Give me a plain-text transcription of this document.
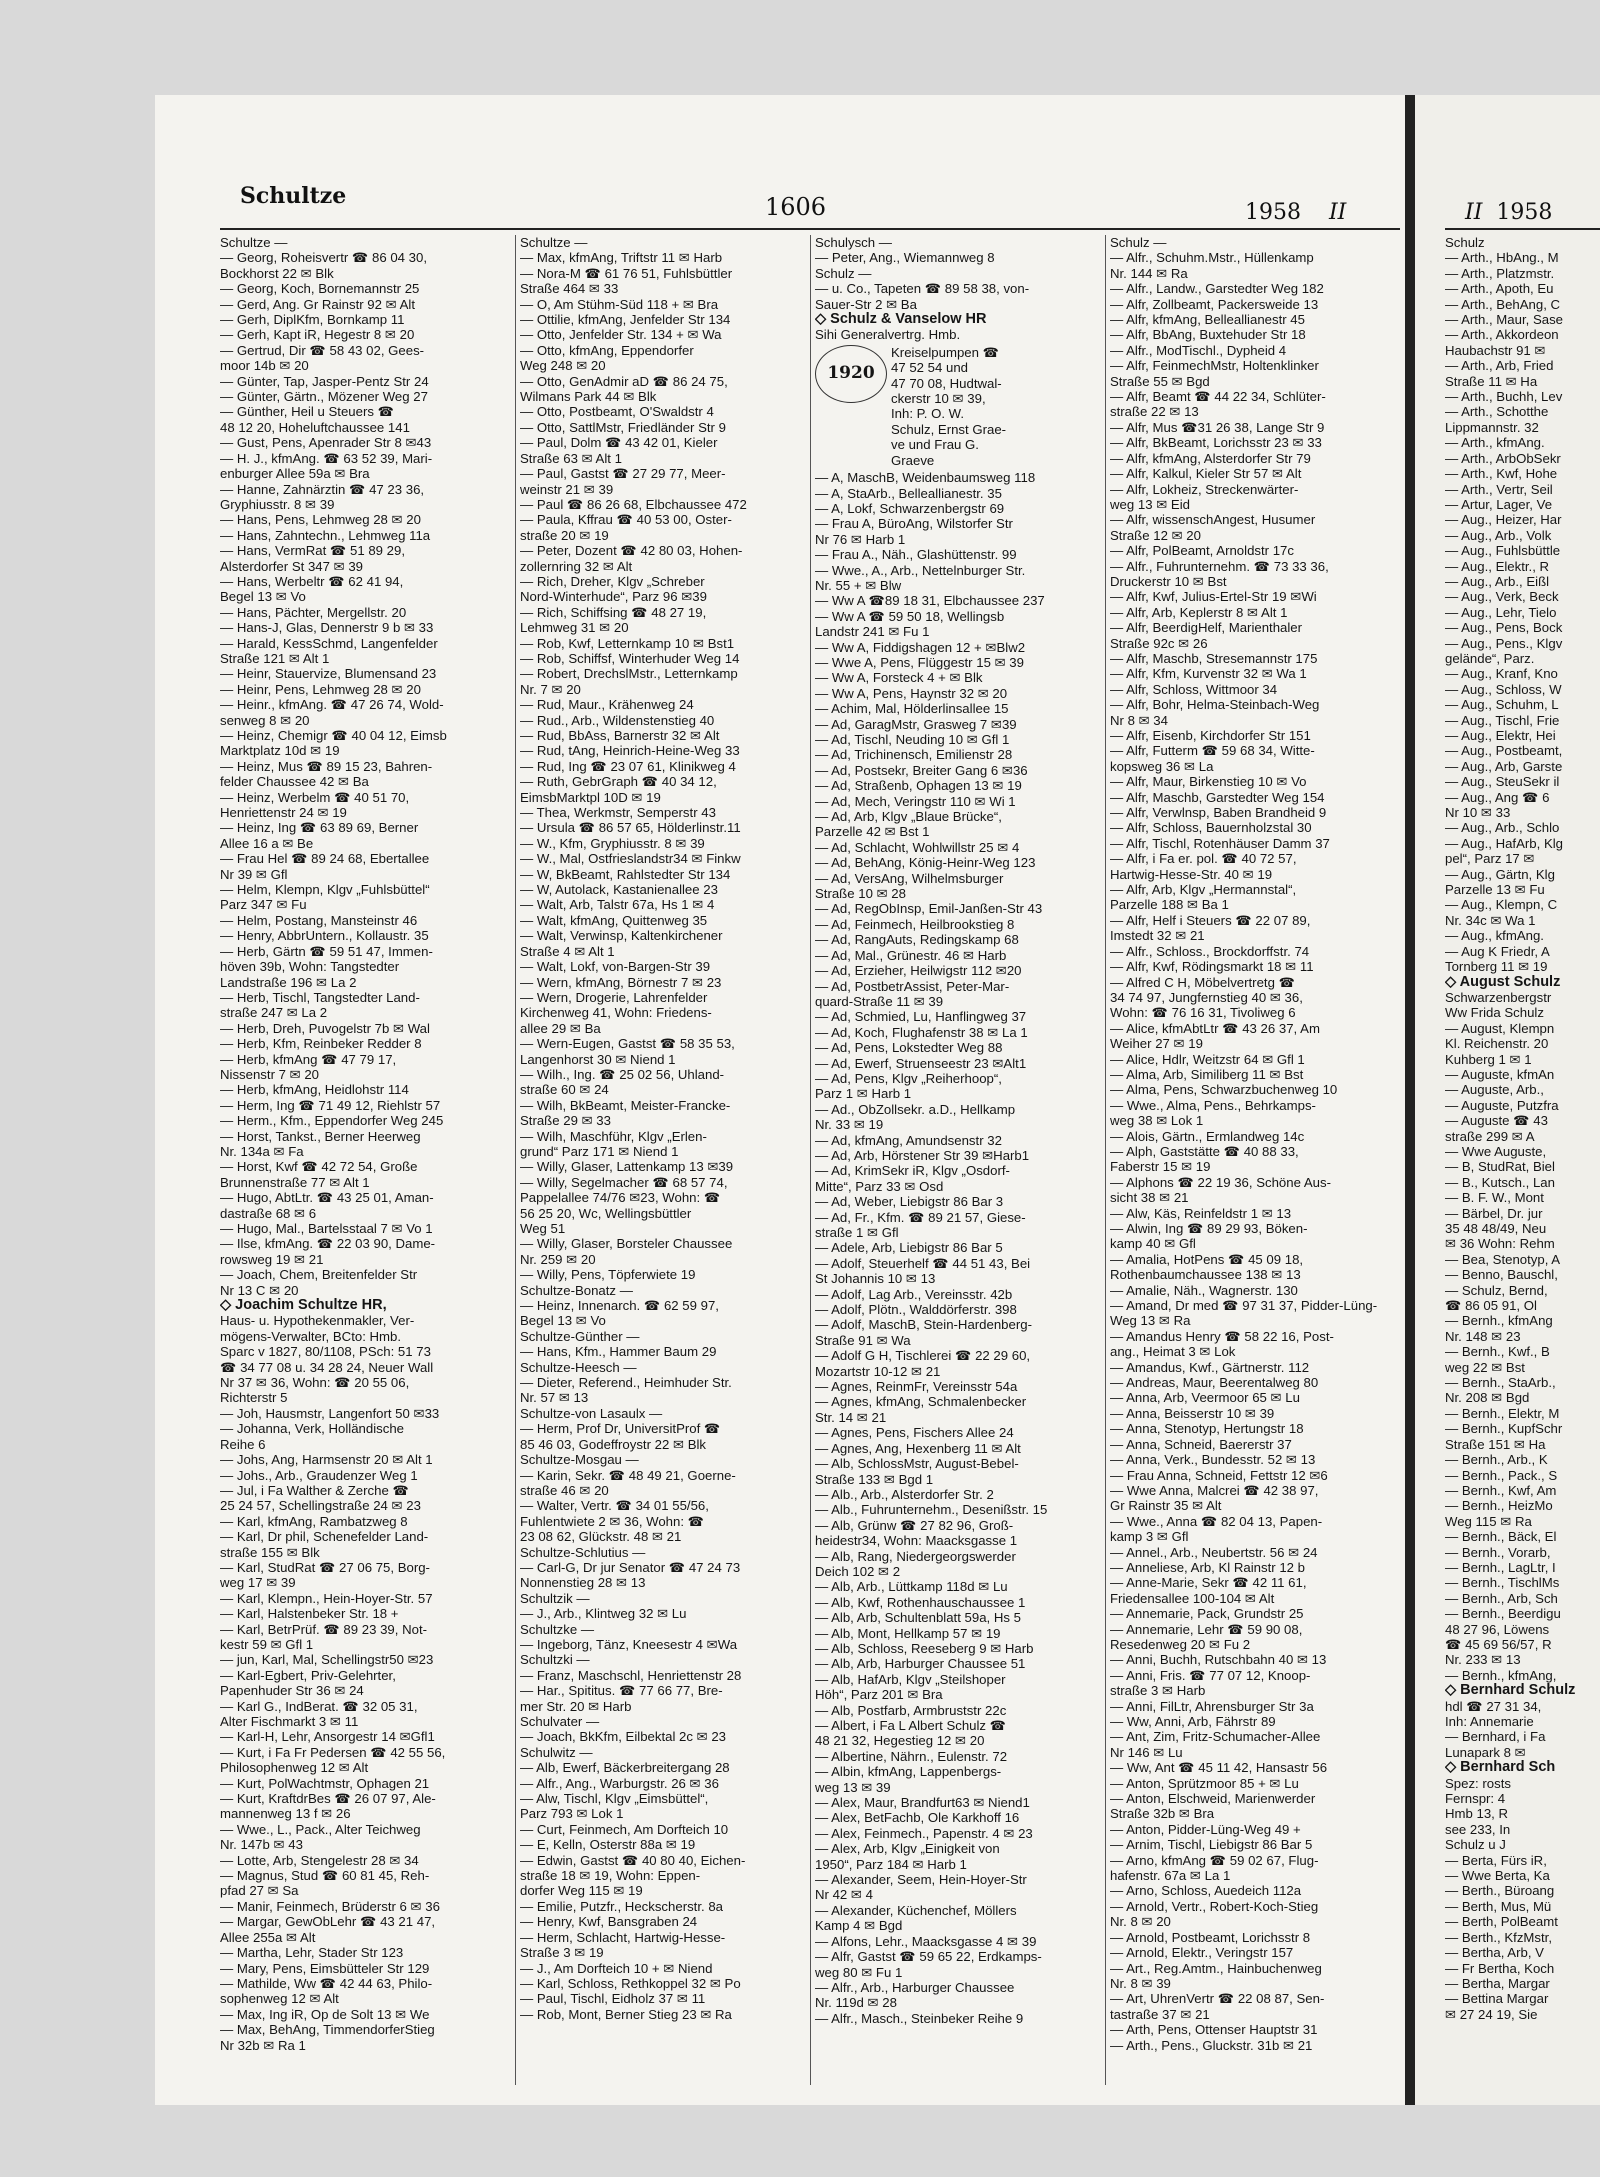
Schultze	1606	1958 II
Schultze —
— Georg, Roheisvertr ☎ 86 04 30,
Bockhorst 22 ✉ Blk
— Georg, Koch, Bornemannstr 25
— Gerd, Ang. Gr Rainstr 92 ✉ Alt
— Gerh, DiplKfm, Bornkamp 11
— Gerh, Kapt iR, Hegestr 8 ✉ 20
— Gertrud, Dir ☎ 58 43 02, Gees-
moor 14b ✉ 20
— Günter, Tap, Jasper-Pentz Str 24
— Günter, Gärtn., Mözener Weg 27
— Günther, Heil u Steuers ☎
48 12 20, Hoheluftchaussee 141
— Gust, Pens, Apenrader Str 8 ✉43
— H. J., kfmAng. ☎ 63 52 39, Mari-
enburger Allee 59a ✉ Bra
— Hanne, Zahnärztin ☎ 47 23 36,
Gryphiusstr. 8 ✉ 39
— Hans, Pens, Lehmweg 28 ✉ 20
— Hans, Zahntechn., Lehmweg 11a
— Hans, VermRat ☎ 51 89 29,
Alsterdorfer St 347 ✉ 39
— Hans, Werbeltr ☎ 62 41 94,
Begel 13 ✉ Vo
— Hans, Pächter, Mergellstr. 20
— Hans-J, Glas, Dennerstr 9 b ✉ 33
— Harald, KessSchmd, Langenfelder
Straße 121 ✉ Alt 1
— Heinr, Stauervize, Blumensand 23
— Heinr, Pens, Lehmweg 28 ✉ 20
— Heinr., kfmAng. ☎ 47 26 74, Wold-
senweg 8 ✉ 20
— Heinz, Chemigr ☎ 40 04 12, Eimsb
Marktplatz 10d ✉ 19
— Heinz, Mus ☎ 89 15 23, Bahren-
felder Chaussee 42 ✉ Ba
— Heinz, Werbelm ☎ 40 51 70,
Henriettenstr 24 ✉ 19
— Heinz, Ing ☎ 63 89 69, Berner
Allee 16 a ✉ Be
— Frau Hel ☎ 89 24 68, Ebertallee
Nr 39 ✉ Gfl
— Helm, Klempn, Klgv „Fuhlsbüttel“
Parz 347 ✉ Fu
— Helm, Postang, Mansteinstr 46
— Henry, AbbrUntern., Kollaustr. 35
— Herb, Gärtn ☎ 59 51 47, Immen-
höven 39b, Wohn: Tangstedter
Landstraße 196 ✉ La 2
— Herb, Tischl, Tangstedter Land-
straße 247 ✉ La 2
— Herb, Dreh, Puvogelstr 7b ✉ Wal
— Herb, Kfm, Reinbeker Redder 8
— Herb, kfmAng ☎ 47 79 17,
Nissenstr 7 ✉ 20
— Herb, kfmAng, Heidlohstr 114
— Herm, Ing ☎ 71 49 12, Riehlstr 57
— Herm., Kfm., Eppendorfer Weg 245
— Horst, Tankst., Berner Heerweg
Nr. 134a ✉ Fa
— Horst, Kwf ☎ 42 72 54, Große
Brunnenstraße 77 ✉ Alt 1
— Hugo, AbtLtr. ☎ 43 25 01, Aman-
dastraße 68 ✉ 6
— Hugo, Mal., Bartelsstaal 7 ✉ Vo 1
— Ilse, kfmAng. ☎ 22 03 90, Dame-
rowsweg 19 ✉ 21
— Joach, Chem, Breitenfelder Str
Nr 13 C ✉ 20
◇ Joachim Schultze HR,
Haus- u. Hypothekenmakler, Ver-
mögens-Verwalter, BCto: Hmb.
Sparc v 1827, 80/1108, PSch: 51 73
☎ 34 77 08 u. 34 28 24, Neuer Wall
Nr 37 ✉ 36, Wohn: ☎ 20 55 06,
Richterstr 5
— Joh, Hausmstr, Langenfort 50 ✉33
— Johanna, Verk, Holländische
Reihe 6
— Johs, Ang, Harmsenstr 20 ✉ Alt 1
— Johs., Arb., Graudenzer Weg 1
— Jul, i Fa Walther & Zerche ☎
25 24 57, Schellingstraße 24 ✉ 23
— Karl, kfmAng, Rambatzweg 8
— Karl, Dr phil, Schenefelder Land-
straße 155 ✉ Blk
— Karl, StudRat ☎ 27 06 75, Borg-
weg 17 ✉ 39
— Karl, Klempn., Hein-Hoyer-Str. 57
— Karl, Halstenbeker Str. 18 +
— Karl, BetrPrüf. ☎ 89 23 39, Not-
kestr 59 ✉ Gfl 1
— jun, Karl, Mal, Schellingstr50 ✉23
— Karl-Egbert, Priv-Gelehrter,
Papenhuder Str 36 ✉ 24
— Karl G., IndBerat. ☎ 32 05 31,
Alter Fischmarkt 3 ✉ 11
— Karl-H, Lehr, Ansorgestr 14 ✉Gfl1
— Kurt, i Fa Fr Pedersen ☎ 42 55 56,
Philosophenweg 12 ✉ Alt
— Kurt, PolWachtmstr, Ophagen 21
— Kurt, KraftdrBes ☎ 26 07 97, Ale-
mannenweg 13 f ✉ 26
— Wwe., L., Pack., Alter Teichweg
Nr. 147b ✉ 43
— Lotte, Arb, Stengelestr 28 ✉ 34
— Magnus, Stud ☎ 60 81 45, Reh-
pfad 27 ✉ Sa
— Manir, Feinmech, Brüderstr 6 ✉ 36
— Margar, GewObLehr ☎ 43 21 47,
Allee 255a ✉ Alt
— Martha, Lehr, Stader Str 123
— Mary, Pens, Eimsbütteler Str 129
— Mathilde, Ww ☎ 42 44 63, Philo-
sophenweg 12 ✉ Alt
— Max, Ing iR, Op de Solt 13 ✉ We
— Max, BehAng, TimmendorferStieg
Nr 32b ✉ Ra 1
Schultze —
— Max, kfmAng, Triftstr 11 ✉ Harb
— Nora-M ☎ 61 76 51, Fuhlsbüttler
Straße 464 ✉ 33
— O, Am Stühm-Süd 118 + ✉ Bra
— Ottilie, kfmAng, Jenfelder Str 134
— Otto, Jenfelder Str. 134 + ✉ Wa
— Otto, kfmAng, Eppendorfer
Weg 248 ✉ 20
— Otto, GenAdmir aD ☎ 86 24 75,
Wilmans Park 44 ✉ Blk
— Otto, Postbeamt, O'Swaldstr 4
— Otto, SattlMstr, Friedländer Str 9
— Paul, Dolm ☎ 43 42 01, Kieler
Straße 63 ✉ Alt 1
— Paul, Gastst ☎ 27 29 77, Meer-
weinstr 21 ✉ 39
— Paul ☎ 86 26 68, Elbchaussee 472
— Paula, Kffrau ☎ 40 53 00, Oster-
straße 20 ✉ 19
— Peter, Dozent ☎ 42 80 03, Hohen-
zollernring 32 ✉ Alt
— Rich, Dreher, Klgv „Schreber
Nord-Winterhude“, Parz 96 ✉39
— Rich, Schiffsing ☎ 48 27 19,
Lehmweg 31 ✉ 20
— Rob, Kwf, Letternkamp 10 ✉ Bst1
— Rob, Schiffsf, Winterhuder Weg 14
— Robert, DrechslMstr., Letternkamp
Nr. 7 ✉ 20
— Rud, Maur., Krähenweg 24
— Rud., Arb., Wildenstenstieg 40
— Rud, BbAss, Barnerstr 32 ✉ Alt
— Rud, tAng, Heinrich-Heine-Weg 33
— Rud, Ing ☎ 23 07 61, Klinikweg 4
— Ruth, GebrGraph ☎ 40 34 12,
EimsbMarktpl 10D ✉ 19
— Thea, Werkmstr, Semperstr 43
— Ursula ☎ 86 57 65, Hölderlinstr.11
— W., Kfm, Gryphiusstr. 8 ✉ 39
— W., Mal, Ostfrieslandstr34 ✉ Finkw
— W, BkBeamt, Rahlstedter Str 134
— W, Autolack, Kastanienallee 23
— Walt, Arb, Talstr 67a, Hs 1 ✉ 4
— Walt, kfmAng, Quittenweg 35
— Walt, Verwinsp, Kaltenkirchener
Straße 4 ✉ Alt 1
— Walt, Lokf, von-Bargen-Str 39
— Wern, kfmAng, Börnestr 7 ✉ 23
— Wern, Drogerie, Lahrenfelder
Kirchenweg 41, Wohn: Friedens-
allee 29 ✉ Ba
— Wern-Eugen, Gastst ☎ 58 35 53,
Langenhorst 30 ✉ Niend 1
— Wilh., Ing. ☎ 25 02 56, Uhland-
straße 60 ✉ 24
— Wilh, BkBeamt, Meister-Francke-
Straße 29 ✉ 33
— Wilh, Maschführ, Klgv „Erlen-
grund“ Parz 171 ✉ Niend 1
— Willy, Glaser, Lattenkamp 13 ✉39
— Willy, Segelmacher ☎ 68 57 74,
Pappelallee 74/76 ✉23, Wohn: ☎
56 25 20, Wc, Wellingsbüttler
Weg 51
— Willy, Glaser, Borsteler Chaussee
Nr. 259 ✉ 20
— Willy, Pens, Töpferwiete 19
Schultze-Bonatz —
— Heinz, Innenarch. ☎ 62 59 97,
Begel 13 ✉ Vo
Schultze-Günther —
— Hans, Kfm., Hammer Baum 29
Schultze-Heesch —
— Dieter, Referend., Heimhuder Str.
Nr. 57 ✉ 13
Schultze-von Lasaulx —
— Herm, Prof Dr, UniversitProf ☎
85 46 03, Godeffroystr 22 ✉ Blk
Schultze-Mosgau —
— Karin, Sekr. ☎ 48 49 21, Goerne-
straße 46 ✉ 20
— Walter, Vertr. ☎ 34 01 55/56,
Fuhlentwiete 2 ✉ 36, Wohn: ☎
23 08 62, Glückstr. 48 ✉ 21
Schultze-Schlutius —
— Carl-G, Dr jur Senator ☎ 47 24 73
Nonnenstieg 28 ✉ 13
Schultzik —
— J., Arb., Klintweg 32 ✉ Lu
Schultzke —
— Ingeborg, Tänz, Kneesestr 4 ✉Wa
Schultzki —
— Franz, Maschschl, Henriettenstr 28
— Har., Spititus. ☎ 77 66 77, Bre-
mer Str. 20 ✉ Harb
Schulvater —
— Joach, BkKfm, Eilbektal 2c ✉ 23
Schulwitz —
— Alb, Ewerf, Bäckerbreitergang 28
— Alfr., Ang., Warburgstr. 26 ✉ 36
— Alw, Tischl, Klgv „Eimsbüttel“,
Parz 793 ✉ Lok 1
— Curt, Feinmech, Am Dorfteich 10
— E, Kelln, Osterstr 88a ✉ 19
— Edwin, Gastst ☎ 40 80 40, Eichen-
straße 18 ✉ 19, Wohn: Eppen-
dorfer Weg 115 ✉ 19
— Emilie, Putzfr., Heckscherstr. 8a
— Henry, Kwf, Bansgraben 24
— Herm, Schlacht, Hartwig-Hesse-
Straße 3 ✉ 19
— J., Am Dorfteich 10 + ✉ Niend
— Karl, Schloss, Rethkoppel 32 ✉ Po
— Paul, Tischl, Eidholz 37 ✉ 11
— Rob, Mont, Berner Stieg 23 ✉ Ra
Schulysch —
— Peter, Ang., Wiemannweg 8
Schulz —
— u. Co., Tapeten ☎ 89 58 38, von-
Sauer-Str 2 ✉ Ba
◇ Schulz & Vanselow HR
Sihi Generalvertrg. Hmb.
1920
Kreiselpumpen ☎
47 52 54 und
47 70 08, Hudtwal-
ckerstr 10 ✉ 39,
Inh: P. O. W.
Schulz, Ernst Grae-
ve und Frau G.
Graeve
— A, MaschB, Weidenbaumsweg 118
— A, StaArb., Belleallianestr. 35
— A, Lokf, Schwarzenbergstr 69
— Frau A, BüroAng, Wilstorfer Str
Nr 76 ✉ Harb 1
— Frau A., Näh., Glashüttenstr. 99
— Wwe., A., Arb., Nettelnburger Str.
Nr. 55 + ✉ Blw
— Ww A ☎89 18 31, Elbchaussee 237
— Ww A ☎ 59 50 18, Wellingsb
Landstr 241 ✉ Fu 1
— Ww A, Fiddigshagen 12 + ✉Blw2
— Wwe A, Pens, Flüggestr 15 ✉ 39
— Ww A, Forsteck 4 + ✉ Blk
— Ww A, Pens, Haynstr 32 ✉ 20
— Achim, Mal, Hölderlinsallee 15
— Ad, GaragMstr, Grasweg 7 ✉39
— Ad, Tischl, Neuding 10 ✉ Gfl 1
— Ad, Trichinensch, Emilienstr 28
— Ad, Postsekr, Breiter Gang 6 ✉36
— Ad, Straßenb, Ophagen 13 ✉ 19
— Ad, Mech, Veringstr 110 ✉ Wi 1
— Ad, Arb, Klgv „Blaue Brücke“,
Parzelle 42 ✉ Bst 1
— Ad, Schlacht, Wohlwillstr 25 ✉ 4
— Ad, BehAng, König-Heinr-Weg 123
— Ad, VersAng, Wilhelmsburger
Straße 10 ✉ 28
— Ad, RegObInsp, Emil-Janßen-Str 43
— Ad, Feinmech, Heilbrookstieg 8
— Ad, RangAuts, Redingskamp 68
— Ad, Mal., Grünestr. 46 ✉ Harb
— Ad, Erzieher, Heilwigstr 112 ✉20
— Ad, PostbetrAssist, Peter-Mar-
quard-Straße 11 ✉ 39
— Ad, Schmied, Lu, Hanflingweg 37
— Ad, Koch, Flughafenstr 38 ✉ La 1
— Ad, Pens, Lokstedter Weg 88
— Ad, Ewerf, Struenseestr 23 ✉Alt1
— Ad, Pens, Klgv „Reiherhoop“,
Parz 1 ✉ Harb 1
— Ad., ObZollsekr. a.D., Hellkamp
Nr. 33 ✉ 19
— Ad, kfmAng, Amundsenstr 32
— Ad, Arb, Hörstener Str 39 ✉Harb1
— Ad, KrimSekr iR, Klgv „Osdorf-
Mitte“, Parz 33 ✉ Osd
— Ad, Weber, Liebigstr 86 Bar 3
— Ad, Fr., Kfm. ☎ 89 21 57, Giese-
straße 1 ✉ Gfl
— Adele, Arb, Liebigstr 86 Bar 5
— Adolf, Steuerhelf ☎ 44 51 43, Bei
St Johannis 10 ✉ 13
— Adolf, Lag Arb., Vereinsstr. 42b
— Adolf, Plötn., Walddörferstr. 398
— Adolf, MaschB, Stein-Hardenberg-
Straße 91 ✉ Wa
— Adolf G H, Tischlerei ☎ 22 29 60,
Mozartstr 10-12 ✉ 21
— Agnes, ReinmFr, Vereinsstr 54a
— Agnes, kfmAng, Schmalenbecker
Str. 14 ✉ 21
— Agnes, Pens, Fischers Allee 24
— Agnes, Ang, Hexenberg 11 ✉ Alt
— Alb, SchlossMstr, August-Bebel-
Straße 133 ✉ Bgd 1
— Alb., Arb., Alsterdorfer Str. 2
— Alb., Fuhrunternehm., Desenißstr. 15
— Alb, Grünw ☎ 27 82 96, Groß-
heidestr34, Wohn: Maacksgasse 1
— Alb, Rang, Niedergeorgswerder
Deich 102 ✉ 2
— Alb, Arb., Lüttkamp 118d ✉ Lu
— Alb, Kwf, Rothenhauschaussee 1
— Alb, Arb, Schultenblatt 59a, Hs 5
— Alb, Mont, Hellkamp 57 ✉ 19
— Alb, Schloss, Reeseberg 9 ✉ Harb
— Alb, Arb, Harburger Chaussee 51
— Alb, HafArb, Klgv „Steilshoper
Höh“, Parz 201 ✉ Bra
— Alb, Postfarb, Armbruststr 22c
— Albert, i Fa L Albert Schulz ☎
48 21 32, Hegestieg 12 ✉ 20
— Albertine, Nährn., Eulenstr. 72
— Albin, kfmAng, Lappenbergs-
weg 13 ✉ 39
— Alex, Maur, Brandfurt63 ✉ Niend1
— Alex, BetFachb, Ole Karkhoff 16
— Alex, Feinmech., Papenstr. 4 ✉ 23
— Alex, Arb, Klgv „Einigkeit von
1950“, Parz 184 ✉ Harb 1
— Alexander, Seem, Hein-Hoyer-Str
Nr 42 ✉ 4
— Alexander, Küchenchef, Möllers
Kamp 4 ✉ Bgd
— Alfons, Lehr., Maacksgasse 4 ✉ 39
— Alfr, Gastst ☎ 59 65 22, Erdkamps-
weg 80 ✉ Fu 1
— Alfr., Arb., Harburger Chaussee
Nr. 119d ✉ 28
— Alfr., Masch., Steinbeker Reihe 9
Schulz —
— Alfr., Schuhm.Mstr., Hüllenkamp
Nr. 144 ✉ Ra
— Alfr., Landw., Garstedter Weg 182
— Alfr, Zollbeamt, Packersweide 13
— Alfr, kfmAng, Belleallianestr 45
— Alfr, BbAng, Buxtehuder Str 18
— Alfr., ModTischl., Dypheid 4
— Alfr, FeinmechMstr, Holtenklinker
Straße 55 ✉ Bgd
— Alfr, Beamt ☎ 44 22 34, Schlüter-
straße 22 ✉ 13
— Alfr, Mus ☎31 26 38, Lange Str 9
— Alfr, BkBeamt, Lorichsstr 23 ✉ 33
— Alfr, kfmAng, Alsterdorfer Str 79
— Alfr, Kalkul, Kieler Str 57 ✉ Alt
— Alfr, Lokheiz, Streckenwärter-
weg 13 ✉ Eid
— Alfr, wissenschAngest, Husumer
Straße 12 ✉ 20
— Alfr, PolBeamt, Arnoldstr 17c
— Alfr., Fuhrunternehm. ☎ 73 33 36,
Druckerstr 10 ✉ Bst
— Alfr, Kwf, Julius-Ertel-Str 19 ✉Wi
— Alfr, Arb, Keplerstr 8 ✉ Alt 1
— Alfr, BeerdigHelf, Marienthaler
Straße 92c ✉ 26
— Alfr, Maschb, Stresemannstr 175
— Alfr, Kfm, Kurvenstr 32 ✉ Wa 1
— Alfr, Schloss, Wittmoor 34
— Alfr, Bohr, Helma-Steinbach-Weg
Nr 8 ✉ 34
— Alfr, Eisenb, Kirchdorfer Str 151
— Alfr, Futterm ☎ 59 68 34, Witte-
kopsweg 36 ✉ La
— Alfr, Maur, Birkenstieg 10 ✉ Vo
— Alfr, Maschb, Garstedter Weg 154
— Alfr, Verwlnsp, Baben Brandheid 9
— Alfr, Schloss, Bauernholzstal 30
— Alfr, Tischl, Rotenhäuser Damm 37
— Alfr, i Fa er. pol. ☎ 40 72 57,
Hartwig-Hesse-Str. 40 ✉ 19
— Alfr, Arb, Klgv „Hermannstal“,
Parzelle 188 ✉ Ba 1
— Alfr, Helf i Steuers ☎ 22 07 89,
Imstedt 32 ✉ 21
— Alfr., Schloss., Brockdorffstr. 74
— Alfr, Kwf, Rödingsmarkt 18 ✉ 11
— Alfred C H, Möbelvertretg ☎
34 74 97, Jungfernstieg 40 ✉ 36,
Wohn: ☎ 76 16 31, Tivoliweg 6
— Alice, kfmAbtLtr ☎ 43 26 37, Am
Weiher 27 ✉ 19
— Alice, Hdlr, Weitzstr 64 ✉ Gfl 1
— Alma, Arb, Similiberg 11 ✉ Bst
— Alma, Pens, Schwarzbuchenweg 10
— Wwe., Alma, Pens., Behrkamps-
weg 38 ✉ Lok 1
— Alois, Gärtn., Ermlandweg 14c
— Alph, Gaststätte ☎ 40 88 33,
Faberstr 15 ✉ 19
— Alphons ☎ 22 19 36, Schöne Aus-
sicht 38 ✉ 21
— Alw, Käs, Reinfeldstr 1 ✉ 13
— Alwin, Ing ☎ 89 29 93, Böken-
kamp 40 ✉ Gfl
— Amalia, HotPens ☎ 45 09 18,
Rothenbaumchaussee 138 ✉ 13
— Amalie, Näh., Wagnerstr. 130
— Amand, Dr med ☎ 97 31 37, Pidder-Lüng-
Weg 13 ✉ Ra
— Amandus Henry ☎ 58 22 16, Post-
ang., Heimat 3 ✉ Lok
— Amandus, Kwf., Gärtnerstr. 112
— Andreas, Maur, Beerentalweg 80
— Anna, Arb, Veermoor 65 ✉ Lu
— Anna, Beisserstr 10 ✉ 39
— Anna, Stenotyp, Hertungstr 18
— Anna, Schneid, Baererstr 37
— Anna, Verk., Bundesstr. 52 ✉ 13
— Frau Anna, Schneid, Fettstr 12 ✉6
— Wwe Anna, Malcrei ☎ 42 38 97,
Gr Rainstr 35 ✉ Alt
— Wwe., Anna ☎ 82 04 13, Papen-
kamp 3 ✉ Gfl
— Annel., Arb., Neubertstr. 56 ✉ 24
— Anneliese, Arb, Kl Rainstr 12 b
— Anne-Marie, Sekr ☎ 42 11 61,
Friedensallee 100-104 ✉ Alt
— Annemarie, Pack, Grundstr 25
— Annemarie, Lehr ☎ 59 90 08,
Resedenweg 20 ✉ Fu 2
— Anni, Buchh, Rutschbahn 40 ✉ 13
— Anni, Fris. ☎ 77 07 12, Knoop-
straße 3 ✉ Harb
— Anni, FilLtr, Ahrensburger Str 3a
— Ww, Anni, Arb, Fährstr 89
— Ant, Zim, Fritz-Schumacher-Allee
Nr 146 ✉ Lu
— Ww, Ant ☎ 45 11 42, Hansastr 56
— Anton, Sprützmoor 85 + ✉ Lu
— Anton, Elschweid, Marienwerder
Straße 32b ✉ Bra
— Anton, Pidder-Lüng-Weg 49 +
— Arnim, Tischl, Liebigstr 86 Bar 5
— Arno, kfmAng ☎ 59 02 67, Flug-
hafenstr. 67a ✉ La 1
— Arno, Schloss, Auedeich 112a
— Arnold, Vertr., Robert-Koch-Stieg
Nr. 8 ✉ 20
— Arnold, Postbeamt, Lorichsstr 8
— Arnold, Elektr., Veringstr 157
— Art., Reg.Amtm., Hainbuchenweg
Nr. 8 ✉ 39
— Art, UhrenVertr ☎ 22 08 87, Sen-
tastraße 37 ✉ 21
— Arth, Pens, Ottenser Hauptstr 31
— Arth., Pens., Gluckstr. 31b ✉ 21
II 1958
Schulz
— Arth., HbAng., M
— Arth., Platzmstr.
— Arth., Apoth, Eu
— Arth., BehAng, C
— Arth., Maur, Sase
— Arth., Akkordeon
Haubachstr 91 ✉
— Arth., Arb, Fried
Straße 11 ✉ Ha
— Arth., Buchh, Lev
— Arth., Schotthe
Lippmannstr. 32
— Arth., kfmAng.
— Arth., ArbObSekr
— Arth., Kwf, Hohe
— Arth., Vertr, Seil
— Artur, Lager, Ve
— Aug., Heizer, Har
— Aug., Arb., Volk
— Aug., Fuhlsbüttle
— Aug., Elektr., R
— Aug., Arb., Eißl
— Aug., Verk, Beck
— Aug., Lehr, Tielo
— Aug., Pens, Bock
— Aug., Pens., Klgv
gelände“, Parz.
— Aug., Kranf, Kno
— Aug., Schloss, W
— Aug., Schuhm, L
— Aug., Tischl, Frie
— Aug., Elektr, Hei
— Aug., Postbeamt,
— Aug., Arb, Garste
— Aug., SteuSekr il
— Aug., Ang ☎ 6
Nr 10 ✉ 33
— Aug., Arb., Schlo
— Aug., HafArb, Klg
pel“, Parz 17 ✉
— Aug., Gärtn, Klg
Parzelle 13 ✉ Fu
— Aug., Klempn, C
Nr. 34c ✉ Wa 1
— Aug., kfmAng.
— Aug K Friedr, A
Tornberg 11 ✉ 19
◇ August Schulz
Schwarzenbergstr
Ww Frida Schulz
— August, Klempn
Kl. Reichenstr. 20
Kuhberg 1 ✉ 1
— Auguste, kfmAn
— Auguste, Arb.,
— Auguste, Putzfra
— Auguste ☎ 43
straße 299 ✉ A
— Wwe Auguste,
— B, StudRat, Biel
— B., Kutsch., Lan
— B. F. W., Mont
— Bärbel, Dr. jur
35 48 48/49, Neu
✉ 36 Wohn: Rehm
— Bea, Stenotyp, A
— Benno, Bauschl,
— Schulz, Bernd,
☎ 86 05 91, Ol
— Bernh., kfmAng
Nr. 148 ✉ 23
— Bernh., Kwf., B
weg 22 ✉ Bst
— Bernh., StaArb.,
Nr. 208 ✉ Bgd
— Bernh., Elektr, M
— Bernh., KupfSchr
Straße 151 ✉ Ha
— Bernh., Arb., K
— Bernh., Pack., S
— Bernh., Kwf, Am
— Bernh., HeizMo
Weg 115 ✉ Ra
— Bernh., Bäck, El
— Bernh., Vorarb,
— Bernh., LagLtr, I
— Bernh., TischlMs
— Bernh., Arb, Sch
— Bernh., Beerdigu
48 27 96, Löwens
☎ 45 69 56/57, R
Nr. 233 ✉ 13
— Bernh., kfmAng,
◇ Bernhard Schulz
hdl ☎ 27 31 34,
Inh: Annemarie
— Bernhard, i Fa
Lunapark 8 ✉
◇ Bernhard Sch
Spez: rosts
Fernspr: 4
Hmb 13, R
see 233, In
Schulz u J
— Berta, Fürs iR,
— Wwe Berta, Ka
— Berth., Büroang
— Berth, Mus, Mü
— Berth, PolBeamt
— Berth., KfzMstr,
— Bertha, Arb, V
— Fr Bertha, Koch
— Bertha, Margar
— Bettina Margar
✉ 27 24 19, Sie
